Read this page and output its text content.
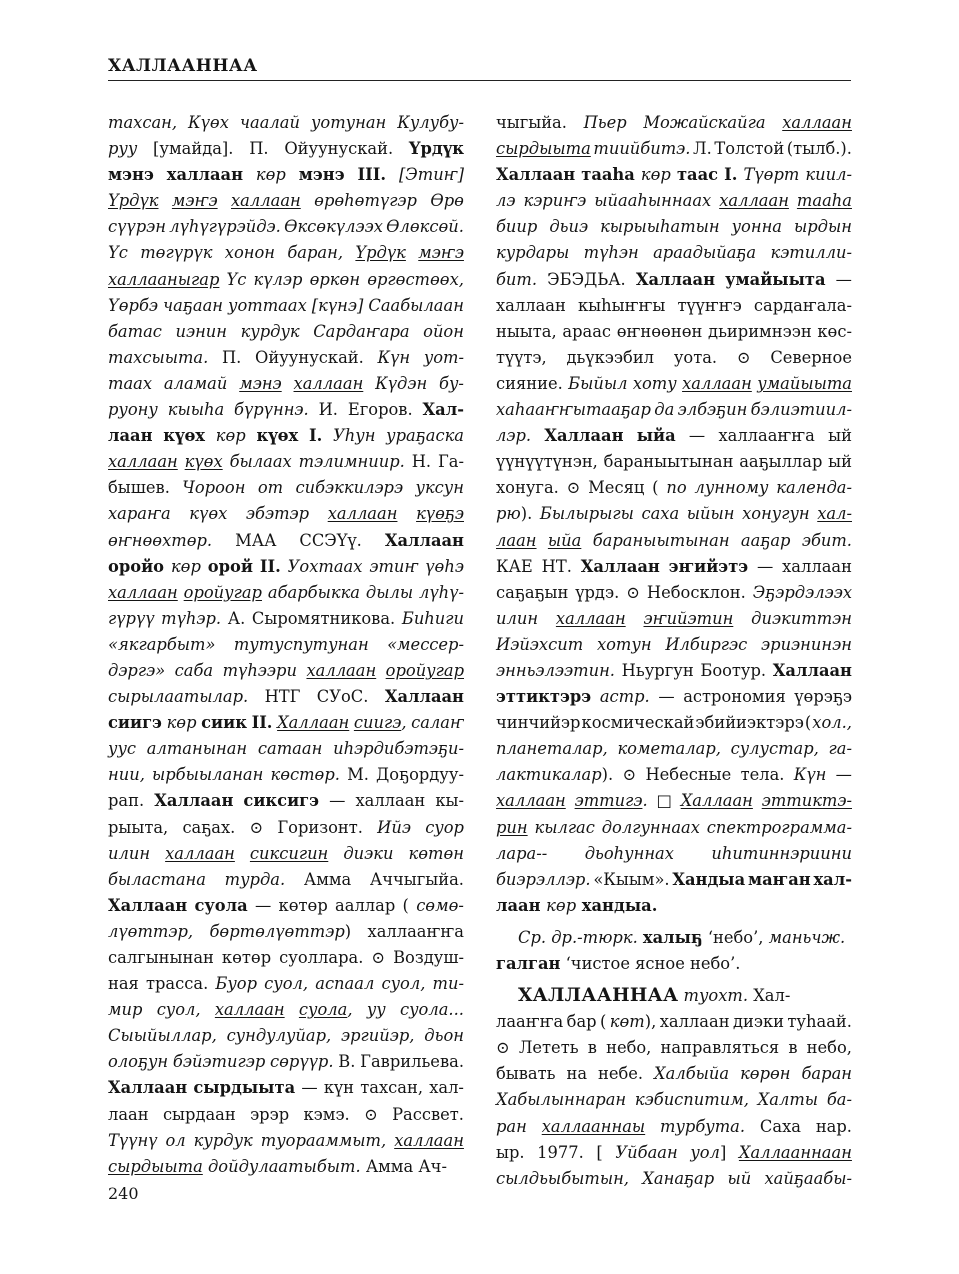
ХАЛЛААННАА
тахсан, Күөх чаалай уотунан Кулубу-
руу [умайда]. П. Ойуунускай. Үрдүк
мэнэ халлаан көр мэнэ III. [Этиҥ]
Үрдүк мэҥэ халлаан өрөһөтүгэр Өрө
сүүрэн лүһүгүрэйдэ. Өксөкүлээх Өлөксөй.
Үс төгүрүк хонон баран, Үрдүк мэҥэ
халлааныгар Үс күлэр өркөн өргөстөөх,
Үөрбэ чаҕаан уоттаах [күнэ] Саабылаан
батас иэнин курдук Сардаҥара ойон
тахсыыта. П. Ойуунускай. Күн уот-
таах аламай мэнэ халлаан Күдэн бу-
руону кыыһа бүрүннэ. И. Егоров. Хал-
лаан күөх көр күөх I. Уһун ураҕаска
халлаан күөх былаах тэлимниир. Н. Га-
бышев. Чороон от сибэккилэрэ уксун
хараҥа күөх эбэтэр халлаан күөҕэ
өҥнөөхтөр. МАА ССЭҮү. Халлаан
оройо көр орой II. Уохтаах этиҥ үөһэ
халлаан оройугар абарбыкка дылы лүһү-
гүрүү түһэр. А. Сыромятникова. Биһиги
«якгарбыт» тутуспутунан «мессер-
дэргэ» саба түһээри халлаан оройугар
сырылаатылар. НТГ СУоС. Халлаан
сиигэ көр сиик II. Халлаан сиигэ, салаҥ
уус алтанынан сатаан иһэрдибэтэҕи-
нии, ырбыыланан көстөр. М. Доҕордуу-
рап. Халлаан сиксигэ — халлаан кы-
рыыта, саҕах. ⊙ Горизонт. Ийэ суор
илин халлаан сиксигин диэки көтөн
быластана турда. Амма Аччыгыйа.
Халлаан суола — көтөр ааллар ( сөмө-
лүөттэр, бөртөлүөттэр) халлааҥҥа
салгынынан көтөр суоллара. ⊙ Воздуш-
ная трасса. Буор суол, аспаал суол, ти-
мир суол, халлаан суола, уу суола...
Сыыйыллар, сундулуйар, эргийэр, дьон
олоҕун бэйэтигэр сөрүүр. В. Гаврильева.
Халлаан сырдыыта — күн тахсан, хал-
лаан сырдаан эрэр кэмэ. ⊙ Рассвет.
Түүнү ол курдук туорааммыт, халлаан
сырдыыта дойдулаатыбыт. Амма Ач-
чыгыйа. Пьер Можайскайга халлаан
сырдыыта тиийбитэ. Л. Толстой (тылб.).
Халлаан тааһа көр таас I. Түөрт киил-
лэ кэриҥэ ыйааһыннаах халлаан тааһа
биир дьиэ кырыыһатын уонна ырдын
курдары түһэн араадыйаҕа кэтилли-
бит. ЭБЭДЬА. Халлаан умайыыта —
халлаан кыһыҥҥы түүҥҥэ сардаҥала-
ныыта, араас өҥнөөнөн дьиримнээн көс-
түүтэ, дьүкээбил уота. ⊙ Северное
сияние. Быйыл хоту халлаан умайыыта
хаһааҥҥытааҕар да элбэҕин бэлиэтиил-
лэр. Халлаан ыйа — халлааҥҥа ый
үүнүүтүнэн, бараныытынан ааҕыллар ый
хонуга. ⊙ Месяц ( по лунному календа-
рю). Былырыгы саха ыйын хонугун хал-
лаан ыйа бараныытынан ааҕар эбит.
КАЕ НТ. Халлаан эҥийэтэ — халлаан
саҕаҕын үрдэ. ⊙ Небосклон. Эҕэрдэлээх
илин халлаан эҥийэтин диэкиттэн
Иэйэхсит хотун Илбиргэс эриэнинэн
энньэлээтин. Ньургун Боотур. Халлаан
эттиктэрэ астр. — астрономия үөрэҕэ
чинчийэр космическай эбийиэктэрэ ( хол.,
планеталар, кометалар, сулустар, га-
лактикалар). ⊙ Небесные тела. Күн —
халлаан эттигэ. □ Халлаан эттиктэ-
рин кылгас долгуннаах спектрограмма-
лара-- дьоһуннах иһитиннэриини
биэрэллэр. «Кыым». Хандыа маҥан хал-
лаан көр хандыа.
Ср. др.-тюрк. халыҕ ‘небо’, маньчж.
галган ‘чистое ясное небо’.
ХАЛЛААННАА туохт. Хал-
лааҥҥа бар ( көт), халлаан диэки туһаай.
⊙ Лететь в небо, направляться в небо,
бывать на небе. Халбыйа көрөн баран
Хабылыннаран кэбиспитим, Халты ба-
ран халлааннаы турбута. Саха нар.
ыр. 1977. [ Уйбаан уол] Халлааннаан
сылдьыбытын, Ханаҕар ый хайҕаабы-
240
